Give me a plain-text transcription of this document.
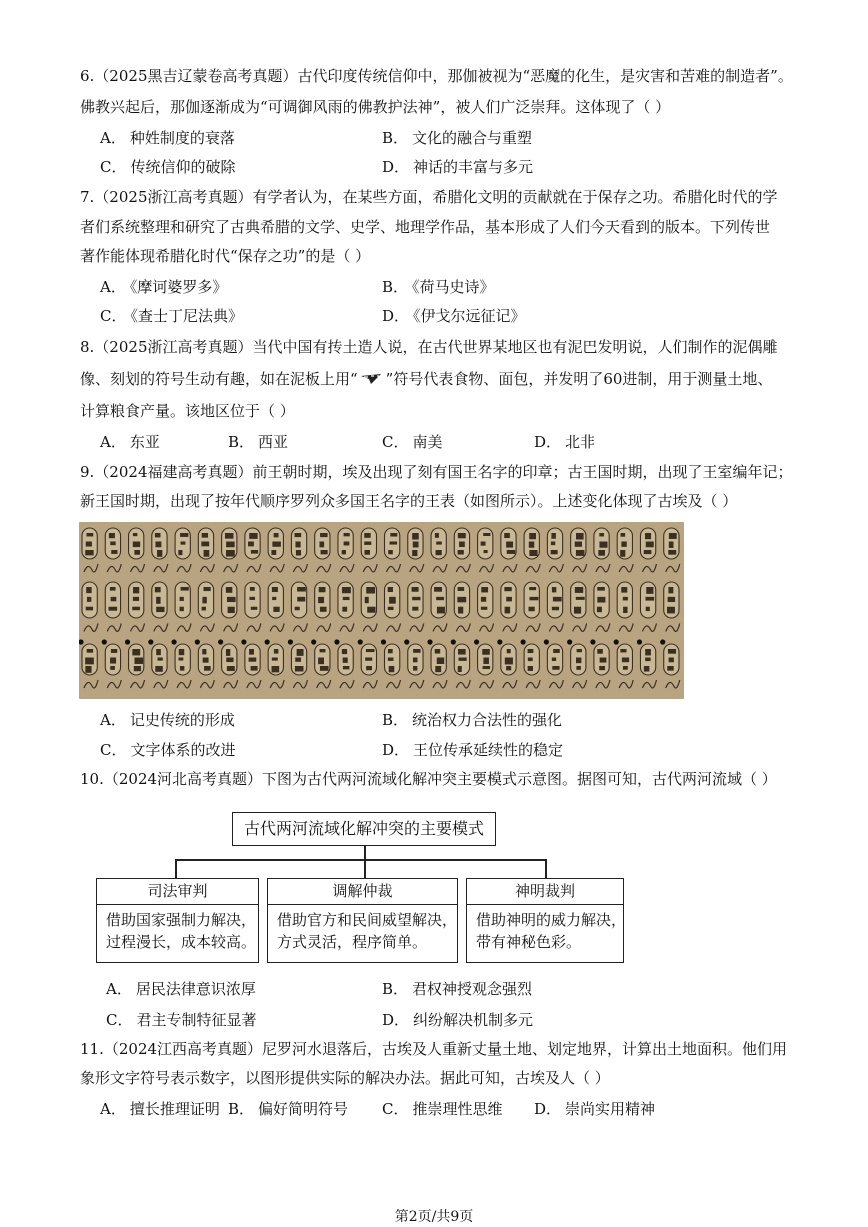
6.（2025黑吉辽蒙卷高考真题）古代印度传统信仰中，那伽被视为“恶魔的化生，是灾害和苦难的制造者”。
佛教兴起后，那伽逐渐成为“可调御风雨的佛教护法神”，被人们广泛崇拜。这体现了（ ）
A． 种姓制度的衰落	B． 文化的融合与重塑
C． 传统信仰的破除	D． 神话的丰富与多元
7.（2025浙江高考真题）有学者认为，在某些方面，希腊化文明的贡献就在于保存之功。希腊化时代的学
者们系统整理和研究了古典希腊的文学、史学、地理学作品，基本形成了人们今天看到的版本。下列传世
著作能体现希腊化时代“保存之功”的是（ ）
A． 《摩诃婆罗多》	B． 《荷马史诗》
C． 《查士丁尼法典》	D． 《伊戈尔远征记》
8.（2025浙江高考真题）当代中国有抟土造人说，在古代世界某地区也有泥巴发明说，人们制作的泥偶雕
像、刻划的符号生动有趣，如在泥板上用“ ”符号代表食物、面包，并发明了60进制，用于测量土地、
计算粮食产量。该地区位于（ ）
A． 东亚	B． 西亚	C． 南美	D． 北非
9.（2024福建高考真题）前王朝时期，埃及出现了刻有国王名字的印章；古王国时期，出现了王室编年记；
新王国时期，出现了按年代顺序罗列众多国王名字的王表（如图所示）。上述变化体现了古埃及（ ）
A． 记史传统的形成	B． 统治权力合法性的强化
C． 文字体系的改进	D． 王位传承延续性的稳定
10.（2024河北高考真题）下图为古代两河流域化解冲突主要模式示意图。据图可知，古代两河流域（ ）
古代两河流域化解冲突的主要模式
司法审判
借助国家强制力解决，
过程漫长，成本较高。
调解仲裁
借助官方和民间威望解决，
方式灵活，程序简单。
神明裁判
借助神明的威力解决，
带有神秘色彩。
A． 居民法律意识浓厚	B． 君权神授观念强烈
C． 君主专制特征显著	D． 纠纷解决机制多元
11.（2024江西高考真题）尼罗河水退落后，古埃及人重新丈量土地、划定地界，计算出土地面积。他们用
象形文字符号表示数字，以图形提供实际的解决办法。据此可知，古埃及人（ ）
A． 擅长推理证明 B． 偏好简明符号 C． 推崇理性思维 D． 崇尚实用精神
第2页/共9页
